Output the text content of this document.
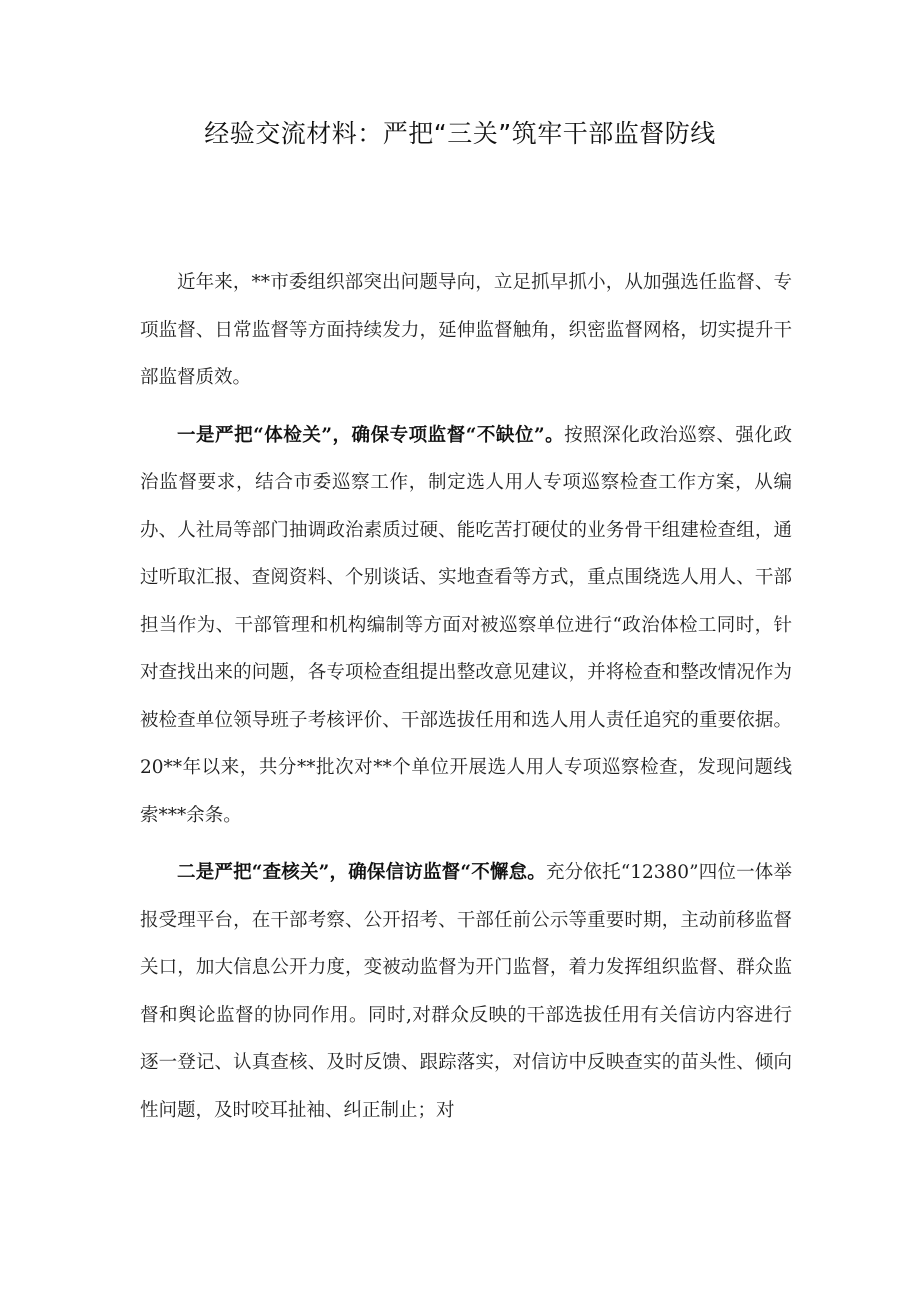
经验交流材料：严把“三关”筑牢干部监督防线

近年来，**市委组织部突出问题导向，立足抓早抓小，从加强选任监督、专项监督、日常监督等方面持续发力，延伸监督触角，织密监督网格，切实提升干部监督质效。

一是严把“体检关”，确保专项监督“不缺位”。按照深化政治巡察、强化政治监督要求，结合市委巡察工作，制定选人用人专项巡察检查工作方案，从编办、人社局等部门抽调政治素质过硬、能吃苦打硬仗的业务骨干组建检查组，通过听取汇报、查阅资料、个别谈话、实地查看等方式，重点围绕选人用人、干部担当作为、干部管理和机构编制等方面对被巡察单位进行“政治体检工同时，针对查找出来的问题，各专项检查组提出整改意见建议，并将检查和整改情况作为被检查单位领导班子考核评价、干部选拔任用和选人用人责任追究的重要依据。20**年以来，共分**批次对**个单位开展选人用人专项巡察检查，发现问题线索***余条。

二是严把“查核关”，确保信访监督“不懈怠。充分依托“12380”四位一体举报受理平台，在干部考察、公开招考、干部任前公示等重要时期，主动前移监督关口，加大信息公开力度，变被动监督为开门监督，着力发挥组织监督、群众监督和舆论监督的协同作用。同时,对群众反映的干部选拔任用有关信访内容进行逐一登记、认真查核、及时反馈、跟踪落实，对信访中反映查实的苗头性、倾向性问题，及时咬耳扯袖、纠正制止；对
